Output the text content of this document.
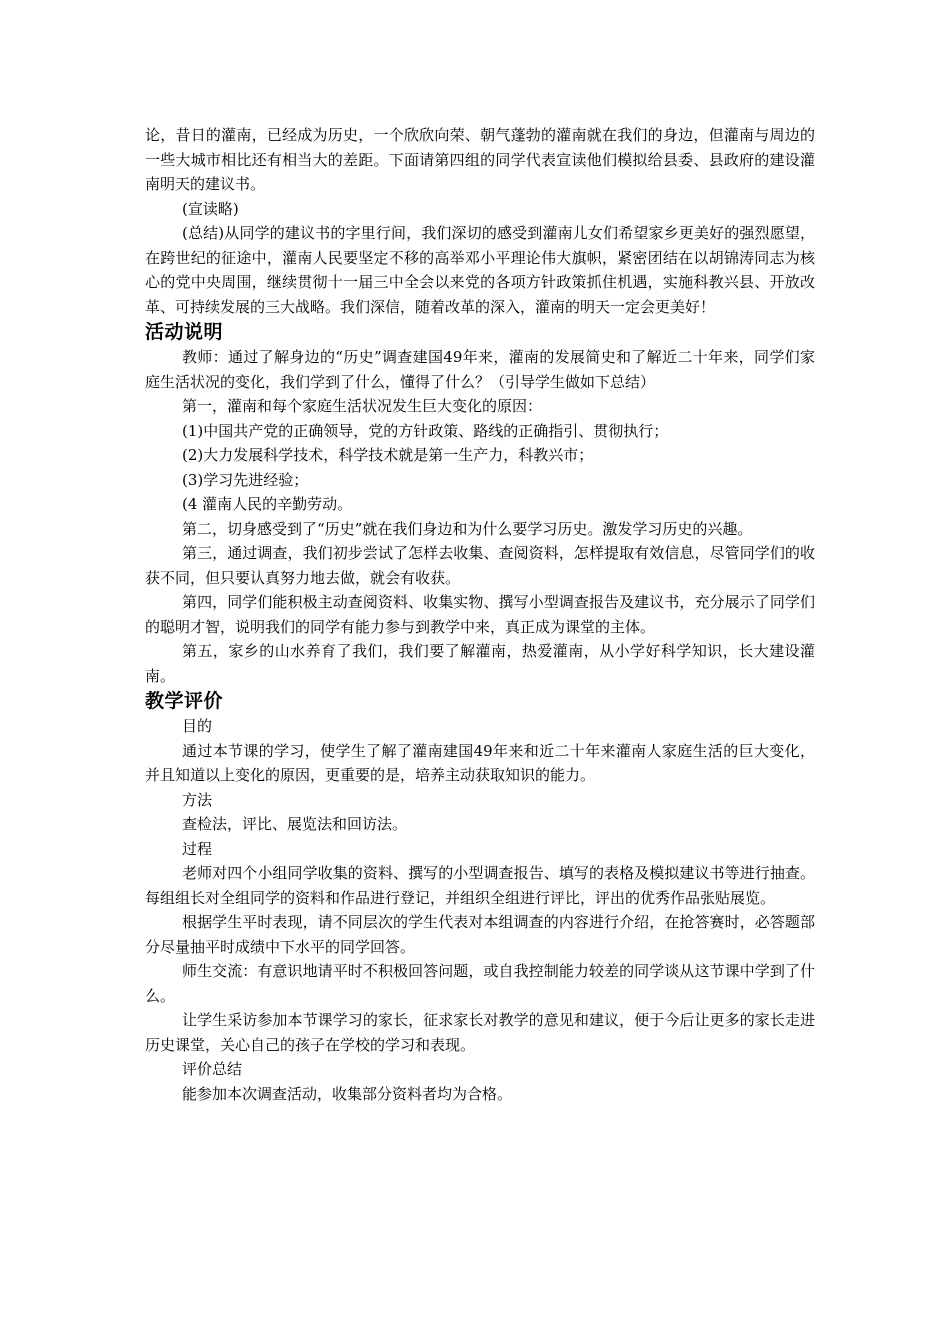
论，昔日的灌南，已经成为历史，一个欣欣向荣、朝气蓬勃的灌南就在我们的身边，但灌南与周边的一些大城市相比还有相当大的差距。下面请第四组的同学代表宣读他们模拟给县委、县政府的建设灌南明天的建议书。

(宣读略)

(总结)从同学的建议书的字里行间，我们深切的感受到灌南儿女们希望家乡更美好的强烈愿望，在跨世纪的征途中，灌南人民要坚定不移的高举邓小平理论伟大旗帜，紧密团结在以胡锦涛同志为核心的党中央周围，继续贯彻十一届三中全会以来党的各项方针政策抓住机遇，实施科教兴县、开放改革、可持续发展的三大战略。我们深信，随着改革的深入，灌南的明天一定会更美好！

活动说明

教师：通过了解身边的“历史”调查建国49年来，灌南的发展简史和了解近二十年来，同学们家庭生活状况的变化，我们学到了什么，懂得了什么？（引导学生做如下总结）

第一，灌南和每个家庭生活状况发生巨大变化的原因：

(1)中国共产党的正确领导，党的方针政策、路线的正确指引、贯彻执行；

(2)大力发展科学技术，科学技术就是第一生产力，科教兴市；

(3)学习先进经验；

(4 灌南人民的辛勤劳动。

第二，切身感受到了“历史”就在我们身边和为什么要学习历史。激发学习历史的兴趣。

第三，通过调查，我们初步尝试了怎样去收集、查阅资料，怎样提取有效信息，尽管同学们的收获不同，但只要认真努力地去做，就会有收获。

第四，同学们能积极主动查阅资料、收集实物、撰写小型调查报告及建议书，充分展示了同学们的聪明才智，说明我们的同学有能力参与到教学中来，真正成为课堂的主体。

第五，家乡的山水养育了我们，我们要了解灌南，热爱灌南，从小学好科学知识，长大建设灌南。

教学评价

目的

通过本节课的学习，使学生了解了灌南建国49年来和近二十年来灌南人家庭生活的巨大变化，并且知道以上变化的原因，更重要的是，培养主动获取知识的能力。

方法

查检法，评比、展览法和回访法。

过程

老师对四个小组同学收集的资料、撰写的小型调查报告、填写的表格及模拟建议书等进行抽查。每组组长对全组同学的资料和作品进行登记，并组织全组进行评比，评出的优秀作品张贴展览。

根据学生平时表现，请不同层次的学生代表对本组调查的内容进行介绍，在抢答赛时，必答题部分尽量抽平时成绩中下水平的同学回答。

师生交流：有意识地请平时不积极回答问题，或自我控制能力较差的同学谈从这节课中学到了什么。

让学生采访参加本节课学习的家长，征求家长对教学的意见和建议，便于今后让更多的家长走进历史课堂，关心自己的孩子在学校的学习和表现。

评价总结

能参加本次调查活动，收集部分资料者均为合格。
